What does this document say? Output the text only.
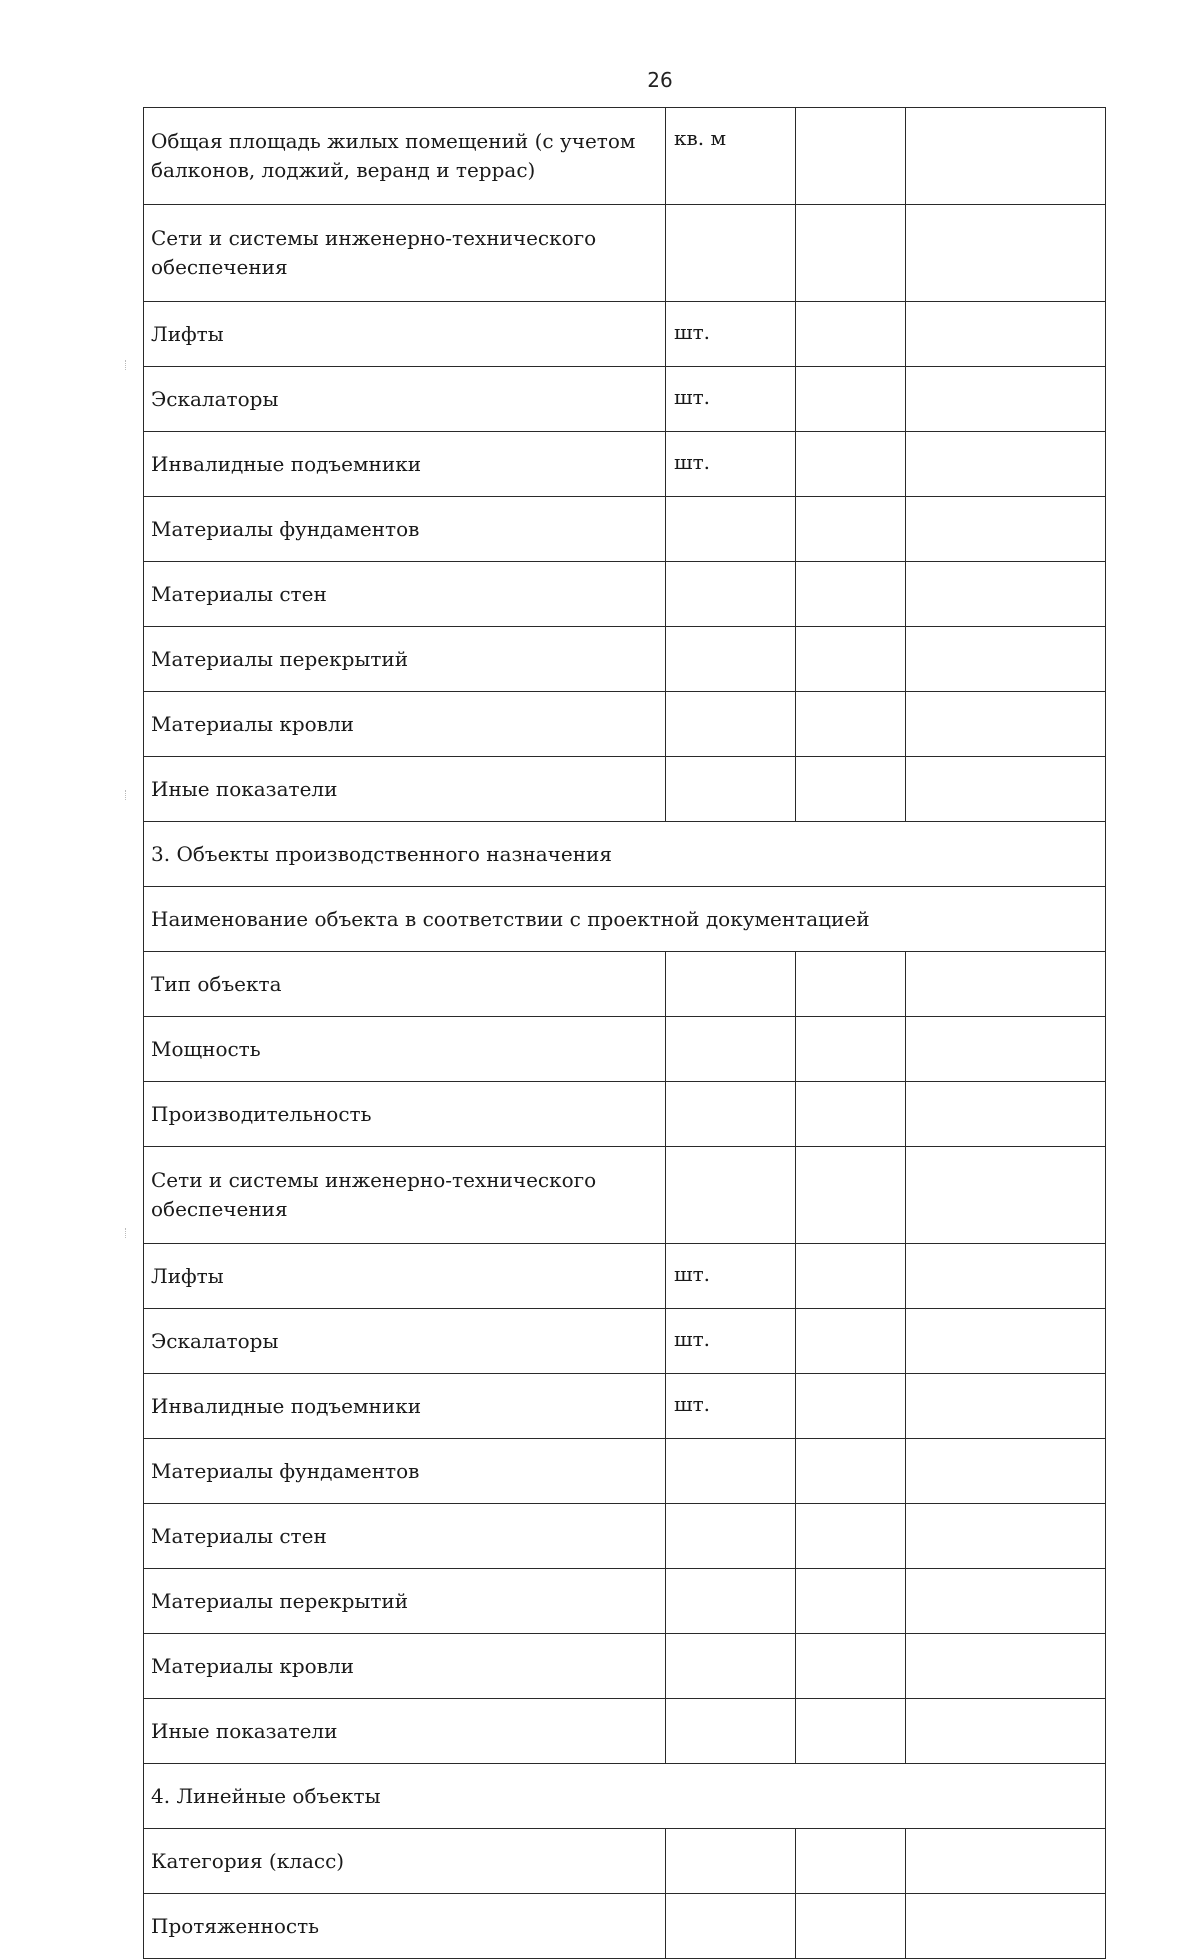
26
Общая площадь жилых помещений (с учетом балконов, лоджий, веранд и террас)	кв. м		
Сети и системы инженерно-технического обеспечения			
Лифты	шт.		
Эскалаторы	шт.		
Инвалидные подъемники	шт.		
Материалы фундаментов			
Материалы стен			
Материалы перекрытий			
Материалы кровли			
Иные показатели			
3. Объекты производственного назначения			
Наименование объекта в соответствии с проектной документацией			
Тип объекта			
Мощность			
Производительность			
Сети и системы инженерно-технического обеспечения			
Лифты	шт.		
Эскалаторы	шт.		
Инвалидные подъемники	шт.		
Материалы фундаментов			
Материалы стен			
Материалы перекрытий			
Материалы кровли			
Иные показатели			
4. Линейные объекты			
Категория (класс)			
Протяженность			
